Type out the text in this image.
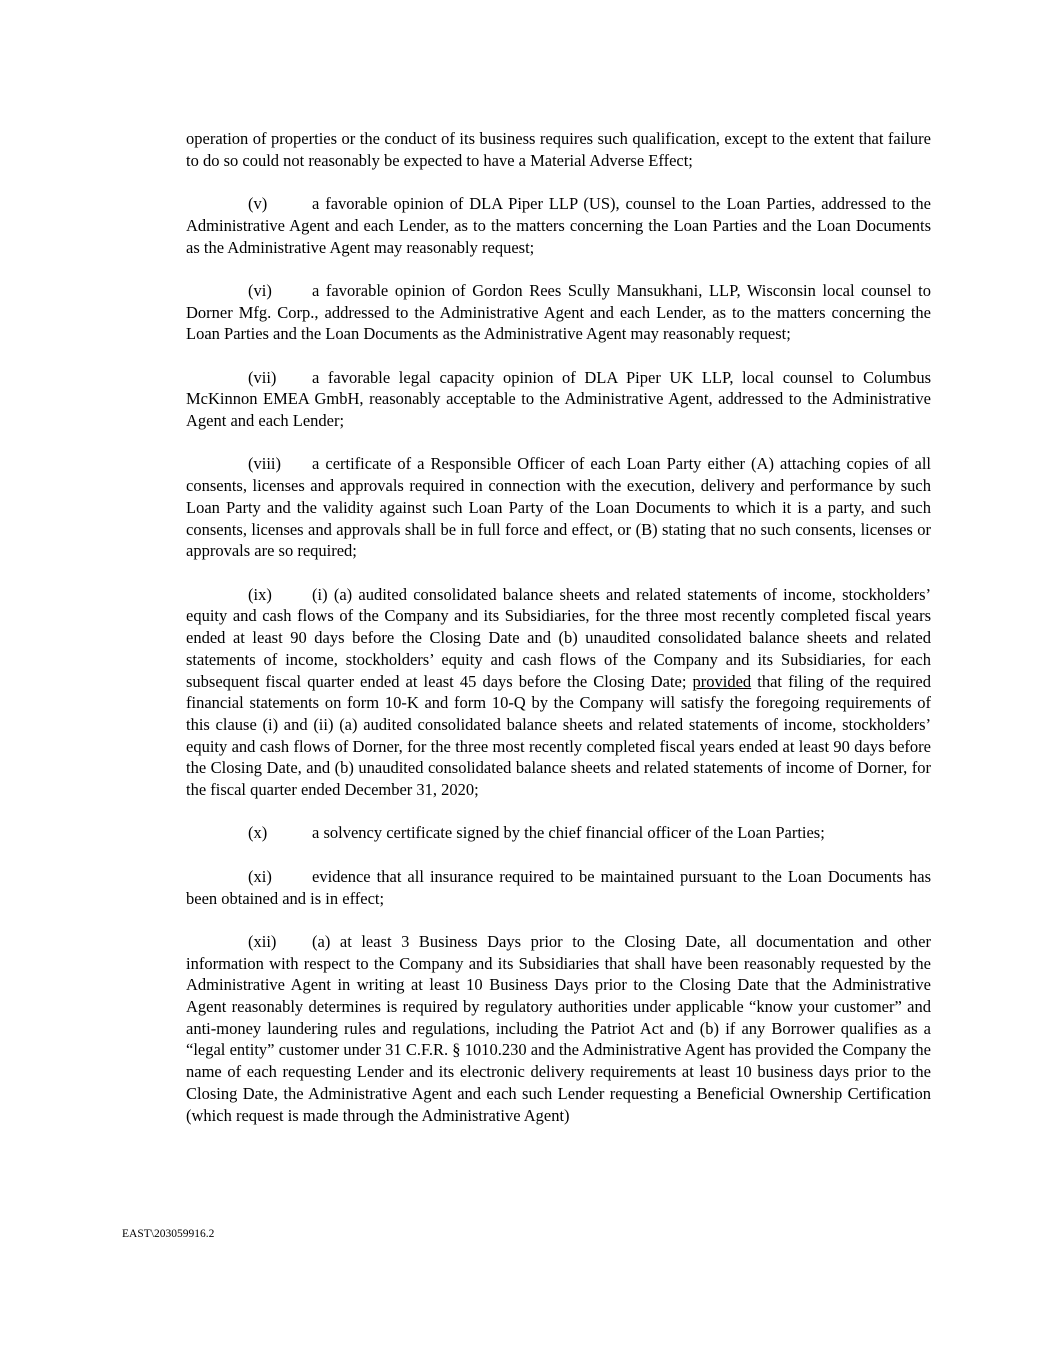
operation of properties or the conduct of its business requires such qualification, except to the extent that failure to do so could not reasonably be expected to have a Material Adverse Effect;

(v)	a favorable opinion of DLA Piper LLP (US), counsel to the Loan Parties, addressed to the Administrative Agent and each Lender, as to the matters concerning the Loan Parties and the Loan Documents as the Administrative Agent may reasonably request;

(vi) a favorable opinion of Gordon Rees Scully Mansukhani, LLP, Wisconsin local counsel to Dorner Mfg. Corp., addressed to the Administrative Agent and each Lender, as to the matters concerning the Loan Parties and the Loan Documents as the Administrative Agent may reasonably request;

(vii) a favorable legal capacity opinion of DLA Piper UK LLP, local counsel to Columbus McKinnon EMEA GmbH, reasonably acceptable to the Administrative Agent, addressed to the Administrative Agent and each Lender;

(viii) a certificate of a Responsible Officer of each Loan Party either (A) attaching copies of all consents, licenses and approvals required in connection with the execution, delivery and performance by such Loan Party and the validity against such Loan Party of the Loan Documents to which it is a party, and such consents, licenses and approvals shall be in full force and effect, or (B) stating that no such consents, licenses or approvals are so required;

(ix) (i) (a) audited consolidated balance sheets and related statements of income, stockholders’ equity and cash flows of the Company and its Subsidiaries, for the three most recently completed fiscal years ended at least 90 days before the Closing Date and (b) unaudited consolidated balance sheets and related statements of income, stockholders’ equity and cash flows of the Company and its Subsidiaries, for each subsequent fiscal quarter ended at least 45 days before the Closing Date; provided that filing of the required financial statements on form 10-K and form 10-Q by the Company will satisfy the foregoing requirements of this clause (i) and (ii) (a) audited consolidated balance sheets and related statements of income, stockholders’ equity and cash flows of Dorner, for the three most recently completed fiscal years ended at least 90 days before the Closing Date, and (b) unaudited consolidated balance sheets and related statements of income of Dorner, for the fiscal quarter ended December 31, 2020;

(x)	a solvency certificate signed by the chief financial officer of the Loan Parties;

(xi) evidence that all insurance required to be maintained pursuant to the Loan Documents has been obtained and is in effect;

(xii) (a) at least 3 Business Days prior to the Closing Date, all documentation and other information with respect to the Company and its Subsidiaries that shall have been reasonably requested by the Administrative Agent in writing at least 10 Business Days prior to the Closing Date that the Administrative Agent reasonably determines is required by regulatory authorities under applicable “know your customer” and anti-money laundering rules and regulations, including the Patriot Act and (b) if any Borrower qualifies as a “legal entity” customer under 31 C.F.R. § 1010.230 and the Administrative Agent has provided the Company the name of each requesting Lender and its electronic delivery requirements at least 10 business days prior to the Closing Date, the Administrative Agent and each such Lender requesting a Beneficial Ownership Certification (which request is made through the Administrative Agent)

EAST\203059916.2
